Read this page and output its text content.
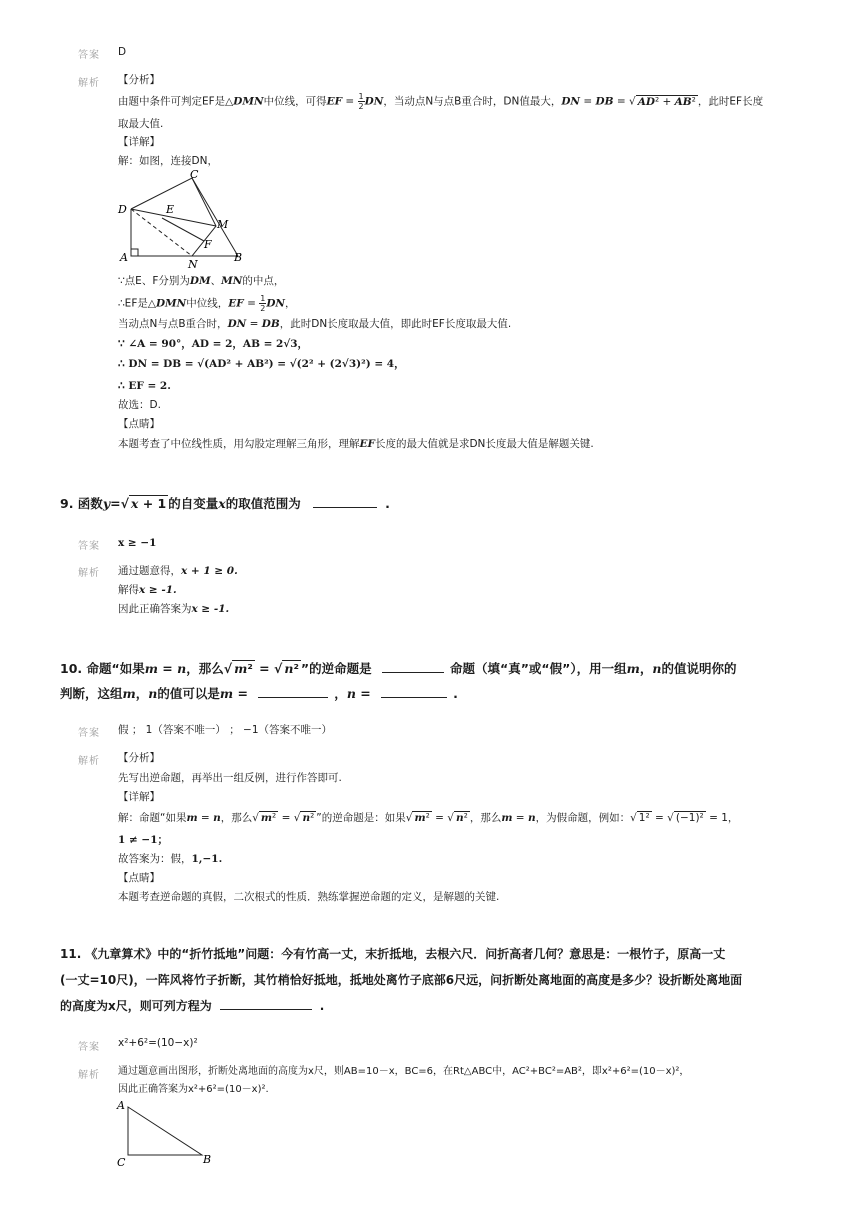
答案 D
解析 【分析】
由题中条件可判定EF是△DMN中位线，可得EF = $\frac{1}{2}$ DN，当动点N与点B重合时，DN值最大，DN = DB = √ AD² + AB² ，此时EF长度
取最大值.
【详解】
解：如图，连接DN，
C
D	E
M
F
A
N
B
∵点E、F分别为DM、MN的中点，
∴EF是△DMN中位线，EF = $\frac{1}{2}$ DN，
当动点N与点B重合时，DN = DB，此时DN长度取最大值，即此时EF长度取最大值.
∵ ∠A = 90°，AD = 2，AB = 2√3，
∴ DN = DB = √(AD² + AB²) = √(2² + (2√3)²) = 4，
∴ EF = 2.
故选：D.
【点睛】
本题考查了中位线性质，用勾股定理解三角形，理解EF长度的最大值就是求DN长度最大值是解题关键.
9. 函数y=√ x + 1 的自变量x的取值范围为	.
答案 x ≥ −1
解析 通过题意得，x + 1 ≥ 0.
解得x ≥ -1.
因此正确答案为x ≥ -1.
10. 命题“如果m = n，那么√ m² = √ n² ”的逆命题是	命题（填“真”或“假”），用一组m，n的值说明你的
判断，这组m，n的值可以是m =	，n =	.
答案 假 ； 1（答案不唯一） ； −1（答案不唯一）
解析 【分析】
先写出逆命题，再举出一组反例，进行作答即可.
【详解】
解：命题“如果m = n，那么√ m² = √ n² ”的逆命题是：如果√ m² = √ n² ，那么m = n，为假命题，例如：√ 1² = √ (−1)² = 1，
1 ≠ −1；
故答案为：假，1,−1.
【点睛】
本题考查逆命题的真假，二次根式的性质．熟练掌握逆命题的定义，是解题的关键.
11. 《九章算术》中的“折竹抵地”问题：今有竹高一丈，末折抵地，去根六尺．问折高者几何？意思是：一根竹子，原高一丈
(一丈=10尺)，一阵风将竹子折断，其竹梢恰好抵地，抵地处离竹子底部6尺远，问折断处离地面的高度是多少？设折断处离地面
的高度为x尺，则可列方程为	.
答案 x²+6²=(10−x)²
解析 通过题意画出图形，折断处离地面的高度为x尺，则AB=10－x，BC=6，在Rt△ABC中，AC²+BC²=AB²，即x²+6²=(10－x)²，
因此正确答案为x²+6²=(10－x)².
A
C	B
